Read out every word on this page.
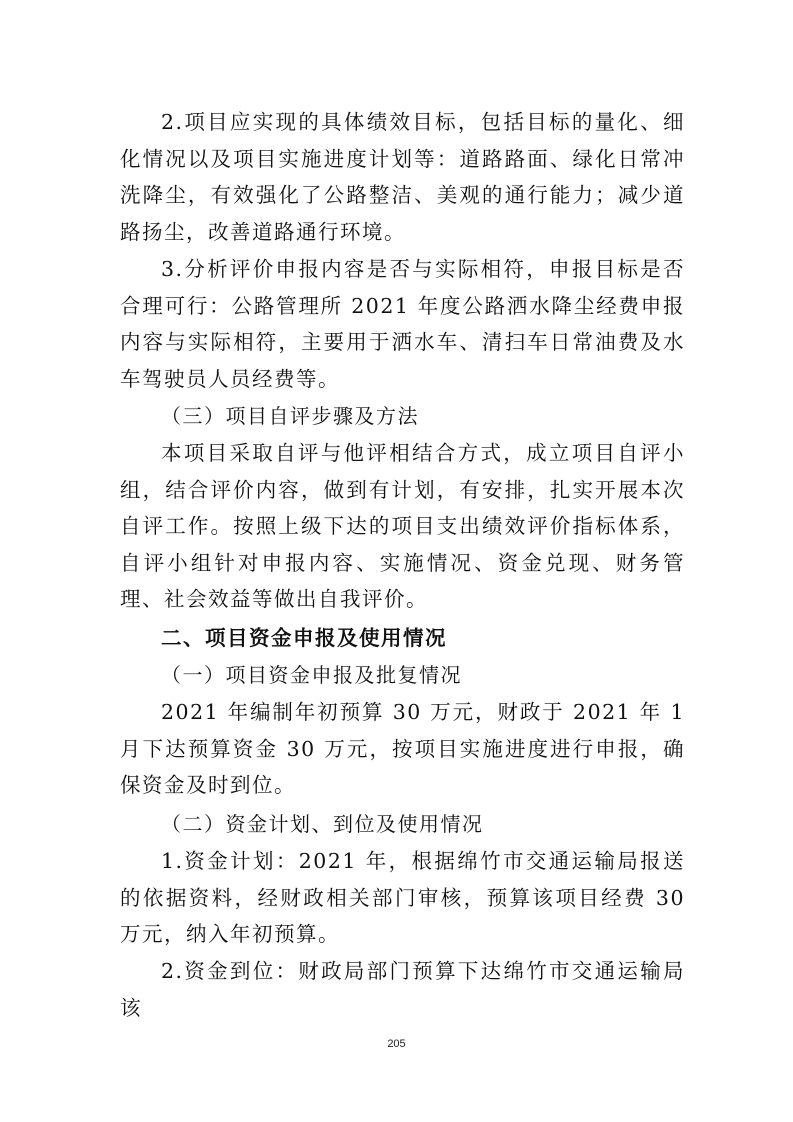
2.项目应实现的具体绩效目标，包括目标的量化、细化情况以及项目实施进度计划等：道路路面、绿化日常冲洗降尘，有效强化了公路整洁、美观的通行能力；减少道路扬尘，改善道路通行环境。

3.分析评价申报内容是否与实际相符，申报目标是否合理可行：公路管理所 2021 年度公路洒水降尘经费申报内容与实际相符，主要用于洒水车、清扫车日常油费及水车驾驶员人员经费等。

（三）项目自评步骤及方法

本项目采取自评与他评相结合方式，成立项目自评小组，结合评价内容，做到有计划，有安排，扎实开展本次自评工作。按照上级下达的项目支出绩效评价指标体系，自评小组针对申报内容、实施情况、资金兑现、财务管理、社会效益等做出自我评价。

二、项目资金申报及使用情况
（一）项目资金申报及批复情况

2021 年编制年初预算 30 万元，财政于 2021 年 1 月下达预算资金 30 万元，按项目实施进度进行申报，确保资金及时到位。

（二）资金计划、到位及使用情况

1.资金计划：2021 年，根据绵竹市交通运输局报送的依据资料，经财政相关部门审核，预算该项目经费 30 万元，纳入年初预算。

2.资金到位：财政局部门预算下达绵竹市交通运输局该

205
